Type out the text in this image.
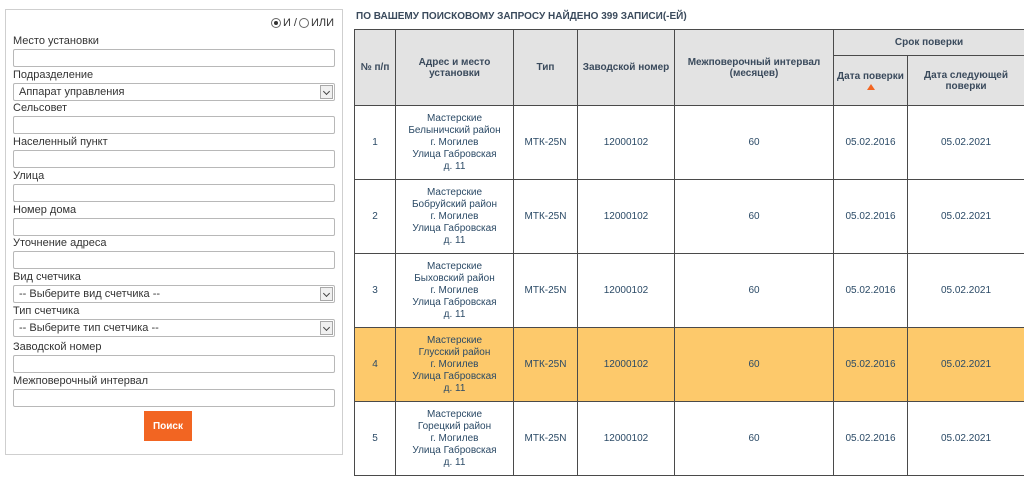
И / ИЛИ
Место установки
Подразделение
Аппарат управления
Сельсовет
Населенный пункт
Улица
Номер дома
Уточнение адреса
Вид счетчика
-- Выберите вид счетчика --
Тип счетчика
-- Выберите тип счетчика --
Заводской номер
Межповерочный интервал
Поиск
ПО ВАШЕМУ ПОИСКОВОМУ ЗАПРОСУ НАЙДЕНО 399 ЗАПИСИ(-ЕЙ)
№ п/п	Адрес и место установки	Тип	Заводской номер	Межповерочный интервал (месяцев)	Срок поверки	
					Дата поверки	Дата следующей поверки
1	Мастерские
Белыничский район
г. Могилев
Улица Габровская
д. 11	МТК-25N	12000102	60	05.02.2016	05.02.2021
2	Мастерские
Бобруйский район
г. Могилев
Улица Габровская
д. 11	МТК-25N	12000102	60	05.02.2016	05.02.2021
3	Мастерские
Быховский район
г. Могилев
Улица Габровская
д. 11	МТК-25N	12000102	60	05.02.2016	05.02.2021
4	Мастерские
Глусский район
г. Могилев
Улица Габровская
д. 11	МТК-25N	12000102	60	05.02.2016	05.02.2021
5	Мастерские
Горецкий район
г. Могилев
Улица Габровская
д. 11	МТК-25N	12000102	60	05.02.2016	05.02.2021
